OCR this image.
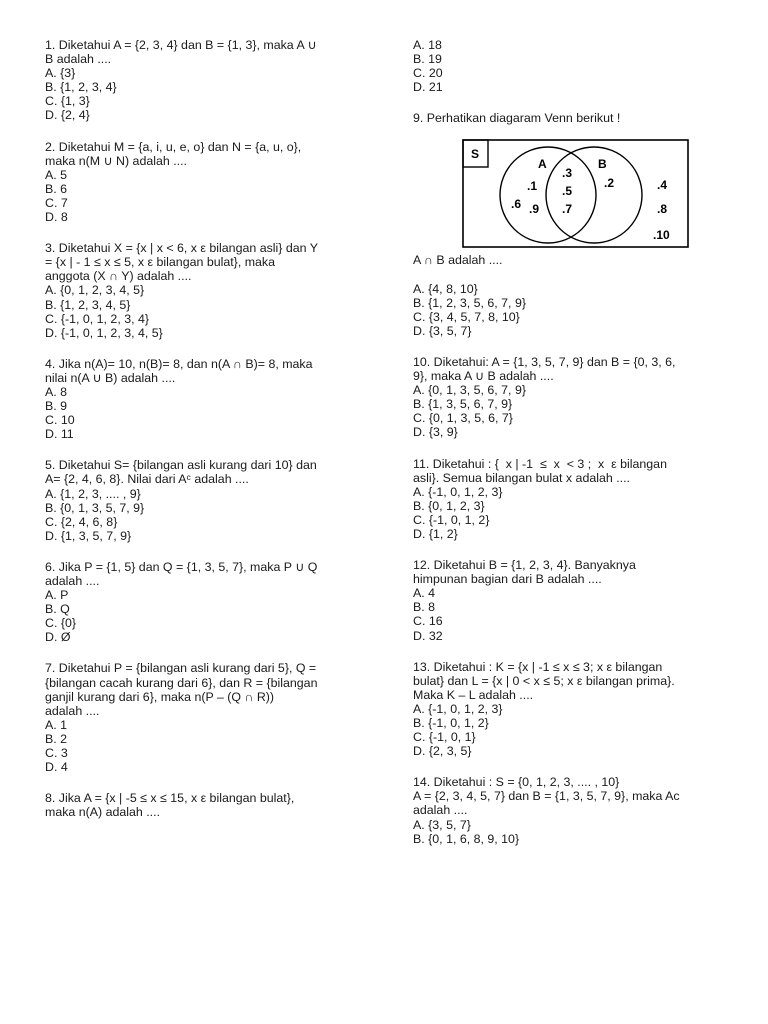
1. Diketahui A = {2, 3, 4} dan B = {1, 3}, maka A ∪
B adalah ....
A. {3}
B. {1, 2, 3, 4}
C. {1, 3}
D. {2, 4}
2. Diketahui M = {a, i, u, e, o} dan N = {a, u, o},
maka n(M ∪ N) adalah ....
A. 5
B. 6
C. 7
D. 8
3. Diketahui X = {x | x < 6, x ε bilangan asli} dan Y
= {x | - 1 ≤ x ≤ 5, x ε bilangan bulat}, maka
anggota (X ∩ Y) adalah ....
A. {0, 1, 2, 3, 4, 5}
B. {1, 2, 3, 4, 5}
C. {-1, 0, 1, 2, 3, 4}
D. {-1, 0, 1, 2, 3, 4, 5}
4. Jika n(A)= 10, n(B)= 8, dan n(A ∩ B)= 8, maka
nilai n(A ∪ B) adalah ....
A. 8
B. 9
C. 10
D. 11
5. Diketahui S= {bilangan asli kurang dari 10} dan
A= {2, 4, 6, 8}. Nilai dari Aᶜ adalah ....
A. {1, 2, 3, .... , 9}
B. {0, 1, 3, 5, 7, 9}
C. {2, 4, 6, 8}
D. {1, 3, 5, 7, 9}
6. Jika P = {1, 5} dan Q = {1, 3, 5, 7}, maka P ∪ Q
adalah ....
A. P
B. Q
C. {0}
D. Ø
7. Diketahui P = {bilangan asli kurang dari 5}, Q =
{bilangan cacah kurang dari 6}, dan R = {bilangan
ganjil kurang dari 6}, maka n(P – (Q ∩ R))
adalah ....
A. 1
B. 2
C. 3
D. 4
8. Jika A = {x | -5 ≤ x ≤ 15, x ε bilangan bulat},
maka n(A) adalah ....
A. 18
B. 19
C. 20
D. 21
9. Perhatikan diagaram Venn berikut !
S
A	B
.1
.6 .9
.3
.5
.7
.2	.4
.8
.10
A ∩ B adalah ....
A. {4, 8, 10}
B. {1, 2, 3, 5, 6, 7, 9}
C. {3, 4, 5, 7, 8, 10}
D. {3, 5, 7}
10. Diketahui: A = {1, 3, 5, 7, 9} dan B = {0, 3, 6,
9}, maka A ∪ B adalah ....
A. {0, 1, 3, 5, 6, 7, 9}
B. {1, 3, 5, 6, 7, 9}
C. {0, 1, 3, 5, 6, 7}
D. {3, 9}
11. Diketahui : {  x | -1  ≤  x  < 3 ;  x  ε bilangan
asli}. Semua bilangan bulat x adalah ....
A. {-1, 0, 1, 2, 3}
B. {0, 1, 2, 3}
C. {-1, 0, 1, 2}
D. {1, 2}
12. Diketahui B = {1, 2, 3, 4}. Banyaknya
himpunan bagian dari B adalah ....
A. 4
B. 8
C. 16
D. 32
13. Diketahui : K = {x | -1 ≤ x ≤ 3; x ε bilangan
bulat} dan L = {x | 0 < x ≤ 5; x ε bilangan prima}.
Maka K – L adalah ....
A. {-1, 0, 1, 2, 3}
B. {-1, 0, 1, 2}
C. {-1, 0, 1}
D. {2, 3, 5}
14. Diketahui : S = {0, 1, 2, 3, .... , 10}
A = {2, 3, 4, 5, 7} dan B = {1, 3, 5, 7, 9}, maka Ac
adalah ....
A. {3, 5, 7}
B. {0, 1, 6, 8, 9, 10}
